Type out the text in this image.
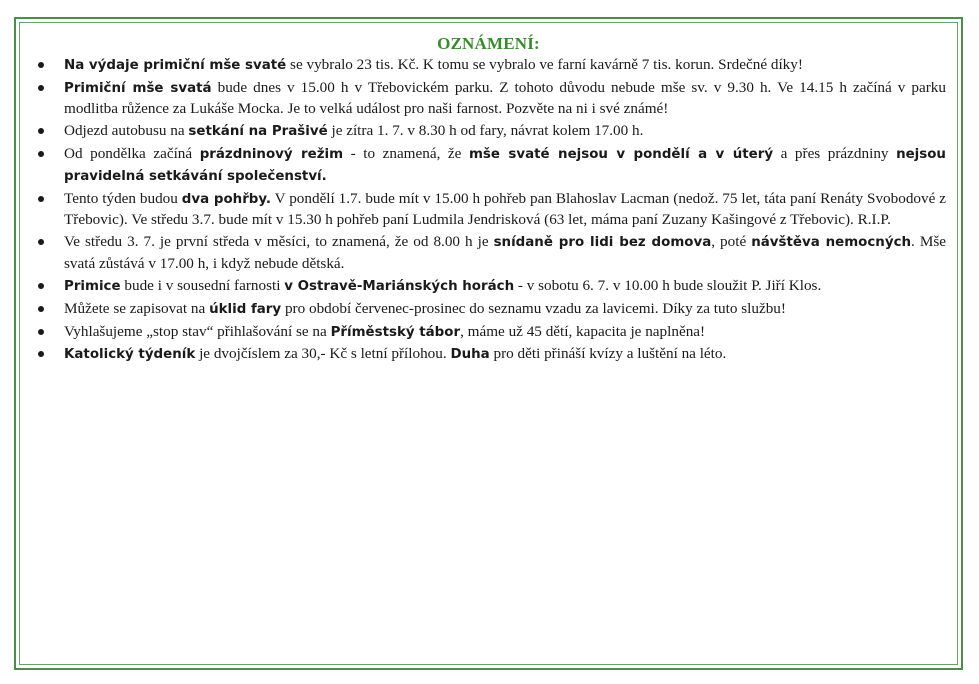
OZNÁMENÍ:
Na výdaje primiční mše svaté se vybralo 23 tis. Kč. K tomu se vybralo ve farní kavárně 7 tis. korun. Srdečné díky!
Primiční mše svatá bude dnes v 15.00 h v Třebovickém parku. Z tohoto důvodu nebude mše sv. v 9.30 h. Ve 14.15 h začíná v parku modlitba růžence za Lukáše Mocka. Je to velká událost pro naši farnost. Pozvěte na ni i své známé!
Odjezd autobusu na setkání na Prašivé je zítra 1. 7. v 8.30 h od fary, návrat kolem 17.00 h.
Od pondělka začíná prázdninový režim - to znamená, že mše svaté nejsou v pondělí a v úterý a přes prázdniny nejsou pravidelná setkávání společenství.
Tento týden budou dva pohřby. V pondělí 1.7. bude mít v 15.00 h pohřeb pan Blahoslav Lacman (nedož. 75 let, táta paní Renáty Svobodové z Třebovic). Ve středu 3.7. bude mít v 15.30 h pohřeb paní Ludmila Jendrisková (63 let, máma paní Zuzany Kašingové z Třebovic). R.I.P.
Ve středu 3. 7. je první středa v měsíci, to znamená, že od 8.00 h je snídaně pro lidi bez domova, poté návštěva nemocných. Mše svatá zůstává v 17.00 h, i když nebude dětská.
Primice bude i v sousední farnosti v Ostravě-Mariánských horách - v sobotu 6. 7. v 10.00 h bude sloužit P. Jiří Klos.
Můžete se zapisovat na úklid fary pro období červenec-prosinec do seznamu vzadu za lavicemi. Díky za tuto službu!
Vyhlašujeme „stop stav“ přihlašování se na Příměstský tábor, máme už 45 dětí, kapacita je naplněna!
Katolický týdeník je dvojčíslem za 30,- Kč s letní přílohou. Duha pro děti přináší kvízy a luštění na léto.
